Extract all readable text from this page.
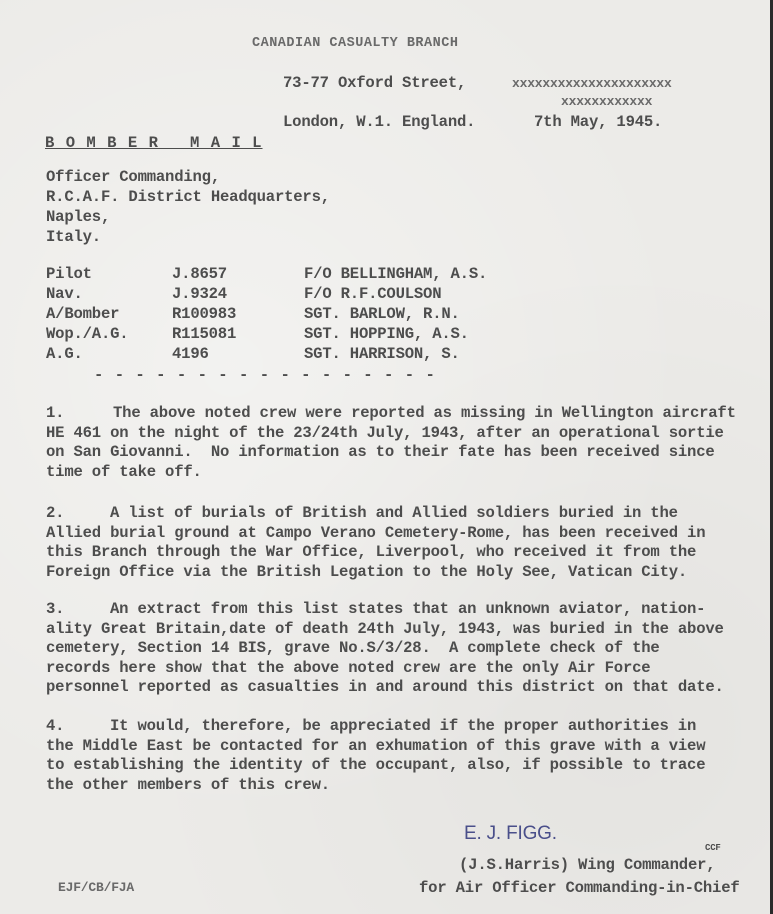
CANADIAN CASUALTY BRANCH
73-77 Oxford Street,	xxxxxxxxxxxxxxxxxxxxx
xxxxxxxxxxxx
London, W.1. England.	7th May, 1945.
B O M B E R   M A I L
Officer Commanding,
R.C.A.F. District Headquarters,
Naples,
Italy.
Pilot	J.8657	F/O BELLINGHAM, A.S.
Nav.	J.9324	F/O R.F.COULSON
A/Bomber	R100983	SGT. BARLOW, R.N.
Wop./A.G.	R115081	SGT. HOPPING, A.S.
A.G.	4196	SGT. HARRISON, S.
- - - - - - - - - - - - - - - - -
1.	The above noted crew were reported as missing in Wellington aircraft
HE 461 on the night of the 23/24th July, 1943, after an operational sortie
on San Giovanni.  No information as to their fate has been received since
time of take off.
2.	A list of burials of British and Allied soldiers buried in the
Allied burial ground at Campo Verano Cemetery-Rome, has been received in
this Branch through the War Office, Liverpool, who received it from the
Foreign Office via the British Legation to the Holy See, Vatican City.
3.	An extract from this list states that an unknown aviator, nation-
ality Great Britain,date of death 24th July, 1943, was buried in the above
cemetery, Section 14 BIS, grave No.S/3/28.  A complete check of the
records here show that the above noted crew are the only Air Force
personnel reported as casualties in and around this district on that date.
4.	It would, therefore, be appreciated if the proper authorities in
the Middle East be contacted for an exhumation of this grave with a view
to establishing the identity of the occupant, also, if possible to trace
the other members of this crew.
E. J. FIGG.
CCF
(J.S.Harris) Wing Commander,
for Air Officer Commanding-in-Chief
EJF/CB/FJA
